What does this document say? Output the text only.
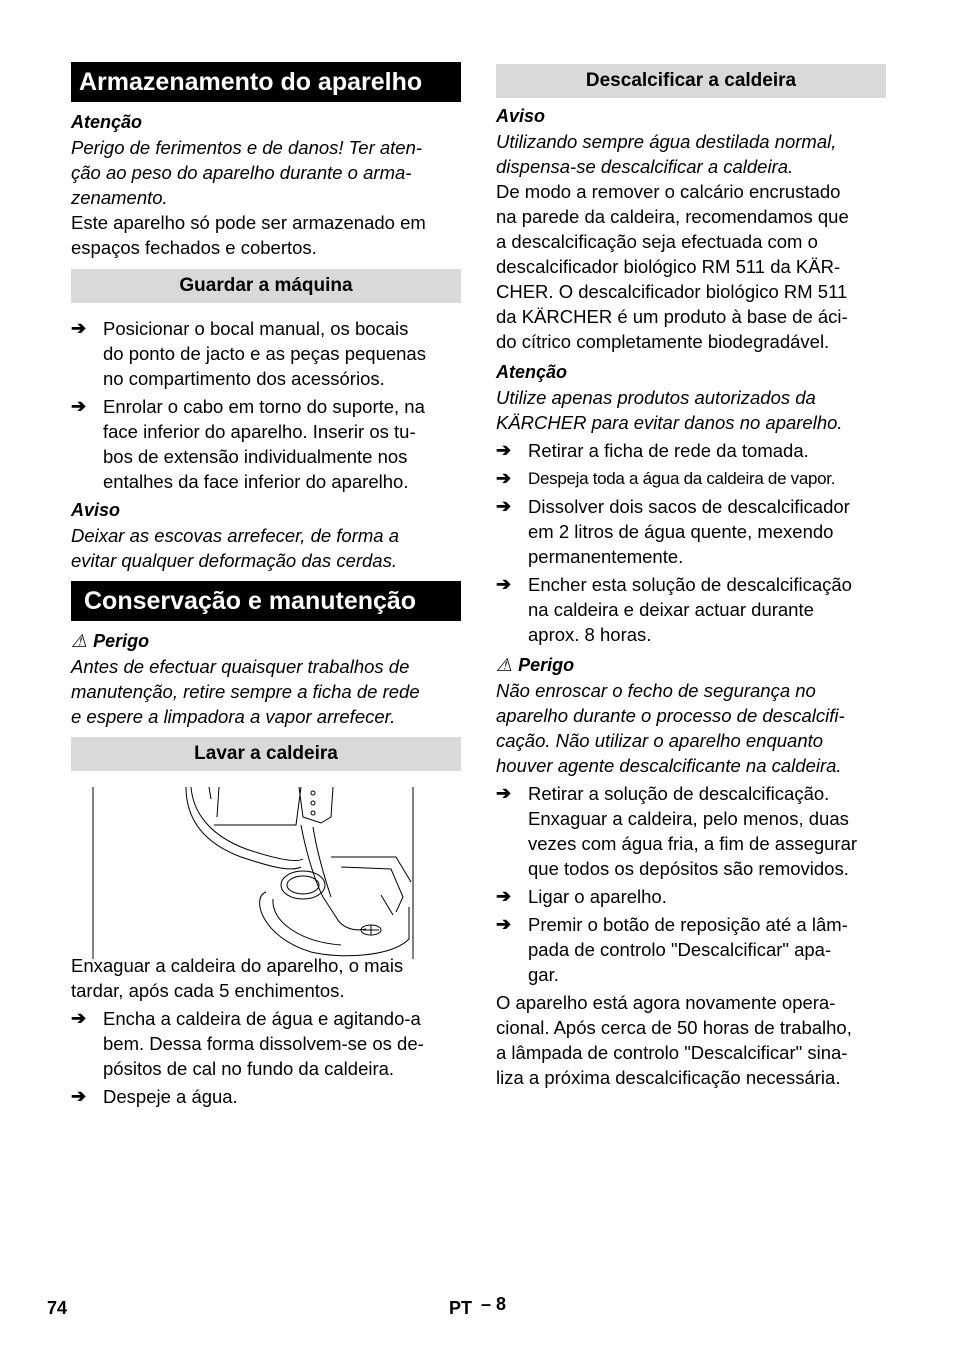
Armazenamento do aparelho

Atenção

Perigo de ferimentos e de danos! Ter aten-
ção ao peso do aparelho durante o arma-
zenamento.
Este aparelho só pode ser armazenado em
espaços fechados e cobertos.
Guardar a máquina
➔ Posicionar o bocal manual, os bocais
do ponto de jacto e as peças pequenas
no compartimento dos acessórios.
➔ Enrolar o cabo em torno do suporte, na
face inferior do aparelho. Inserir os tu-
bos de extensão individualmente nos
entalhes da face inferior do aparelho.

Aviso

Deixar as escovas arrefecer, de forma a
evitar qualquer deformação das cerdas.
Conservação e manutenção

⚠ Perigo

Antes de efectuar quaisquer trabalhos de
manutenção, retire sempre a ficha de rede
e espere a limpadora a vapor arrefecer.
Lavar a caldeira
Enxaguar a caldeira do aparelho, o mais
tardar, após cada 5 enchimentos.
➔ Encha a caldeira de água e agitando-a
bem. Dessa forma dissolvem-se os de-
pósitos de cal no fundo da caldeira.
➔ Despeje a água.
Descalcificar a caldeira

Aviso

Utilizando sempre água destilada normal,
dispensa-se descalcificar a caldeira.
De modo a remover o calcário encrustado
na parede da caldeira, recomendamos que
a descalcificação seja efectuada com o
descalcificador biológico RM 511 da KÄR-
CHER. O descalcificador biológico RM 511
da KÄRCHER é um produto à base de áci-
do cítrico completamente biodegradável.

Atenção

Utilize apenas produtos autorizados da
KÄRCHER para evitar danos no aparelho.
➔ Retirar a ficha de rede da tomada.
➔ Despeja toda a água da caldeira de vapor.
➔ Dissolver dois sacos de descalcificador
em 2 litros de água quente, mexendo
permanentemente.
➔ Encher esta solução de descalcificação
na caldeira e deixar actuar durante
aprox. 8 horas.

⚠ Perigo

Não enroscar o fecho de segurança no
aparelho durante o processo de descalcifi-
cação. Não utilizar o aparelho enquanto
houver agente descalcificante na caldeira.
➔ Retirar a solução de descalcificação.
Enxaguar a caldeira, pelo menos, duas
vezes com água fria, a fim de assegurar
que todos os depósitos são removidos.
➔ Ligar o aparelho.
➔ Premir o botão de reposição até a lâm-
pada de controlo "Descalcificar" apa-
gar.
O aparelho está agora novamente opera-
cional. Após cerca de 50 horas de trabalho,
a lâmpada de controlo "Descalcificar" sina-
liza a próxima descalcificação necessária.
74	PT – 8
